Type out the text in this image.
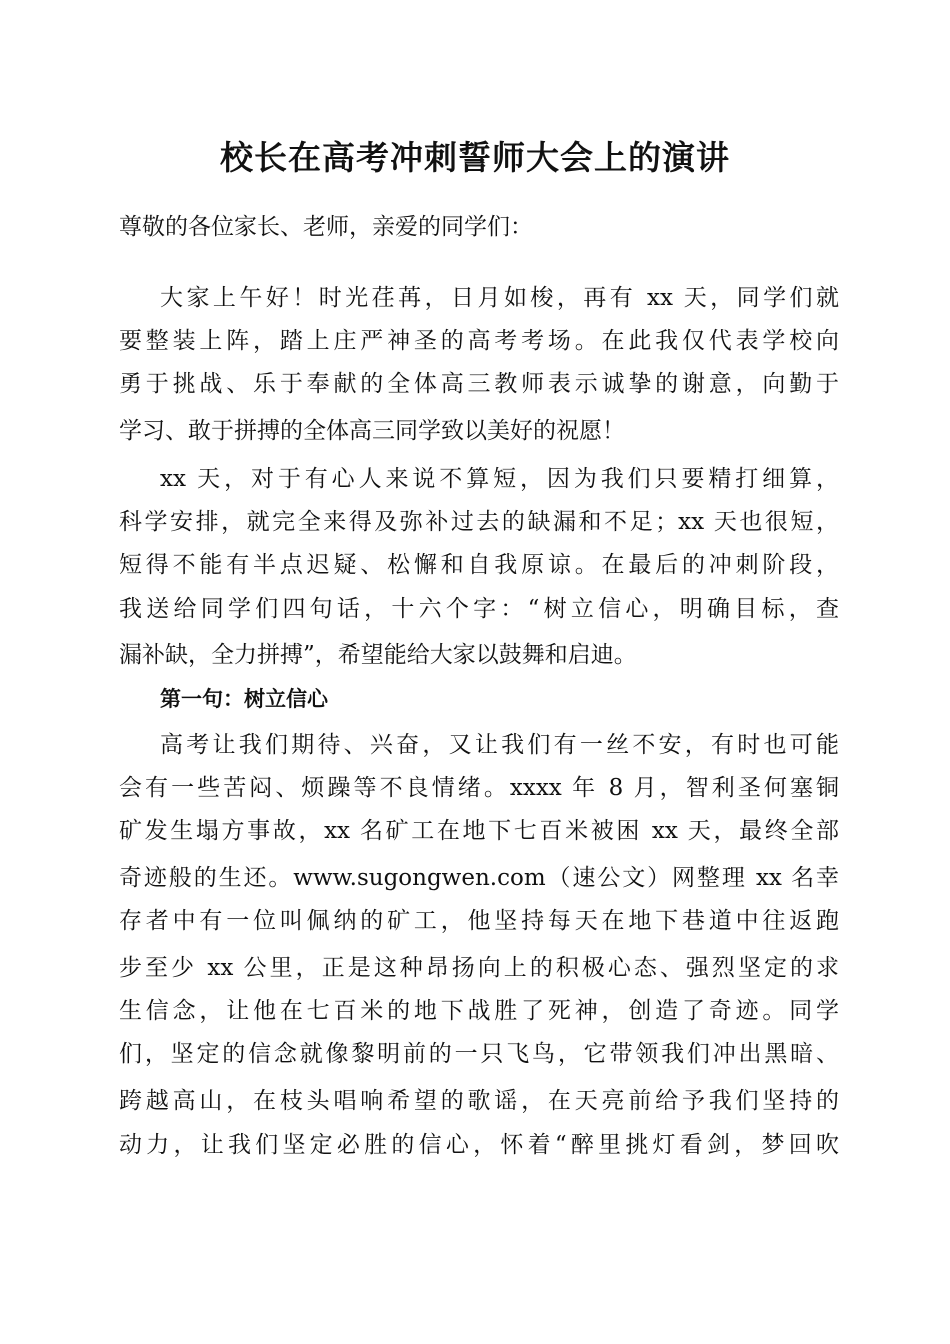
校长在高考冲刺誓师大会上的演讲
尊敬的各位家长、老师，亲爱的同学们：
大家上午好！时光荏苒，日月如梭，再有 xx 天，同学们就
要整装上阵，踏上庄严神圣的高考考场。在此我仅代表学校向
勇于挑战、乐于奉献的全体高三教师表示诚挚的谢意，向勤于
学习、敢于拼搏的全体高三同学致以美好的祝愿！
xx 天，对于有心人来说不算短，因为我们只要精打细算，
科学安排，就完全来得及弥补过去的缺漏和不足；xx 天也很短，
短得不能有半点迟疑、松懈和自我原谅。在最后的冲刺阶段，
我送给同学们四句话，十六个字：“树立信心，明确目标，查
漏补缺，全力拼搏”，希望能给大家以鼓舞和启迪。
第一句：树立信心
高考让我们期待、兴奋，又让我们有一丝不安，有时也可能
会有一些苦闷、烦躁等不良情绪。xxxx 年 8 月，智利圣何塞铜
矿发生塌方事故，xx 名矿工在地下七百米被困 xx 天，最终全部
奇迹般的生还。www.sugongwen.com（速公文）网整理 xx 名幸
存者中有一位叫佩纳的矿工，他坚持每天在地下巷道中往返跑
步至少 xx 公里，正是这种昂扬向上的积极心态、强烈坚定的求
生信念，让他在七百米的地下战胜了死神，创造了奇迹。同学
们，坚定的信念就像黎明前的一只飞鸟，它带领我们冲出黑暗、
跨越高山，在枝头唱响希望的歌谣，在天亮前给予我们坚持的
动力，让我们坚定必胜的信心，怀着“醉里挑灯看剑，梦回吹
